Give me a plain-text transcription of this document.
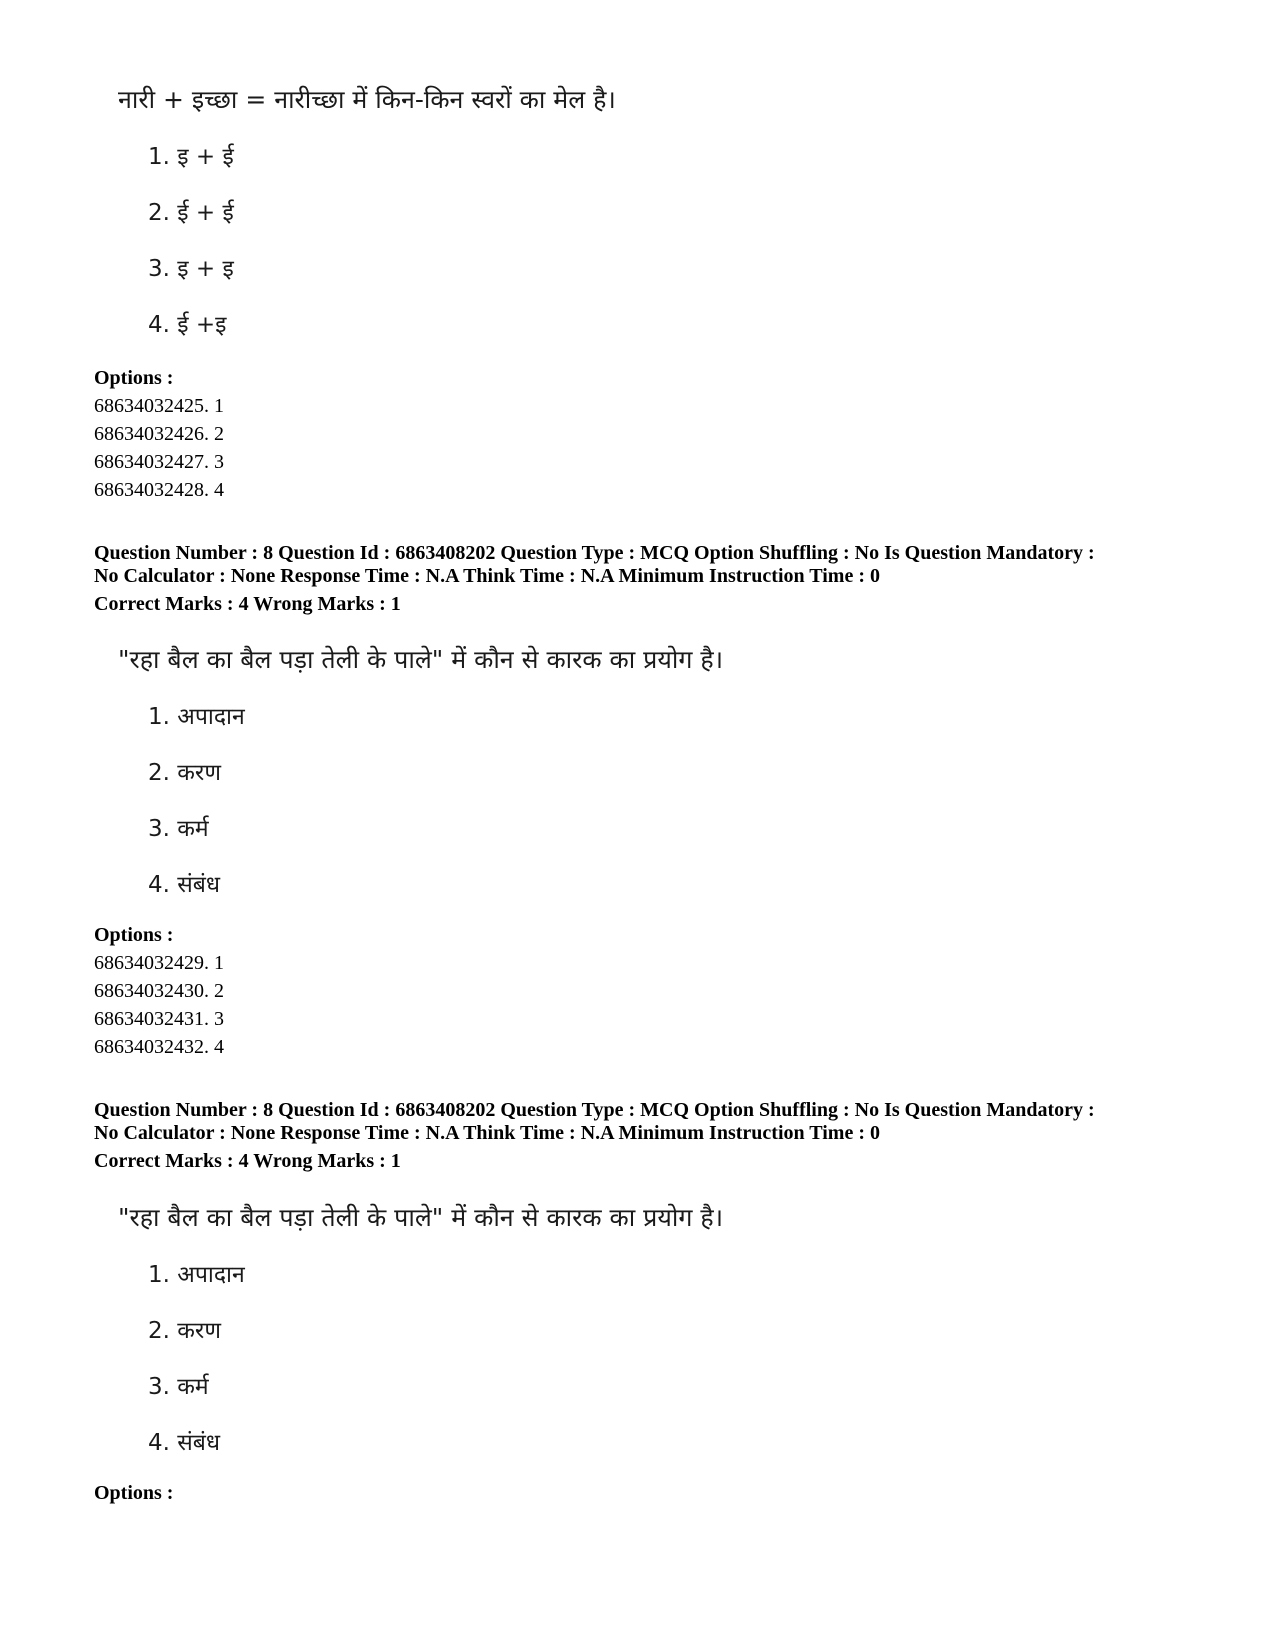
नारी + इच्छा = नारीच्छा में किन-किन स्वरों का मेल है।
1. इ + ई
2. ई + ई
3. इ + इ
4. ई +इ
Options :
68634032425. 1
68634032426. 2
68634032427. 3
68634032428. 4
Question Number : 8 Question Id : 6863408202 Question Type : MCQ Option Shuffling : No Is Question Mandatory :
No Calculator : None Response Time : N.A Think Time : N.A Minimum Instruction Time : 0
Correct Marks : 4 Wrong Marks : 1
"रहा बैल का बैल पड़ा तेली के पाले" में कौन से कारक का प्रयोग है।
1. अपादान
2. करण
3. कर्म
4. संबंध
Options :
68634032429. 1
68634032430. 2
68634032431. 3
68634032432. 4
Question Number : 8 Question Id : 6863408202 Question Type : MCQ Option Shuffling : No Is Question Mandatory :
No Calculator : None Response Time : N.A Think Time : N.A Minimum Instruction Time : 0
Correct Marks : 4 Wrong Marks : 1
"रहा बैल का बैल पड़ा तेली के पाले" में कौन से कारक का प्रयोग है।
1. अपादान
2. करण
3. कर्म
4. संबंध
Options :
